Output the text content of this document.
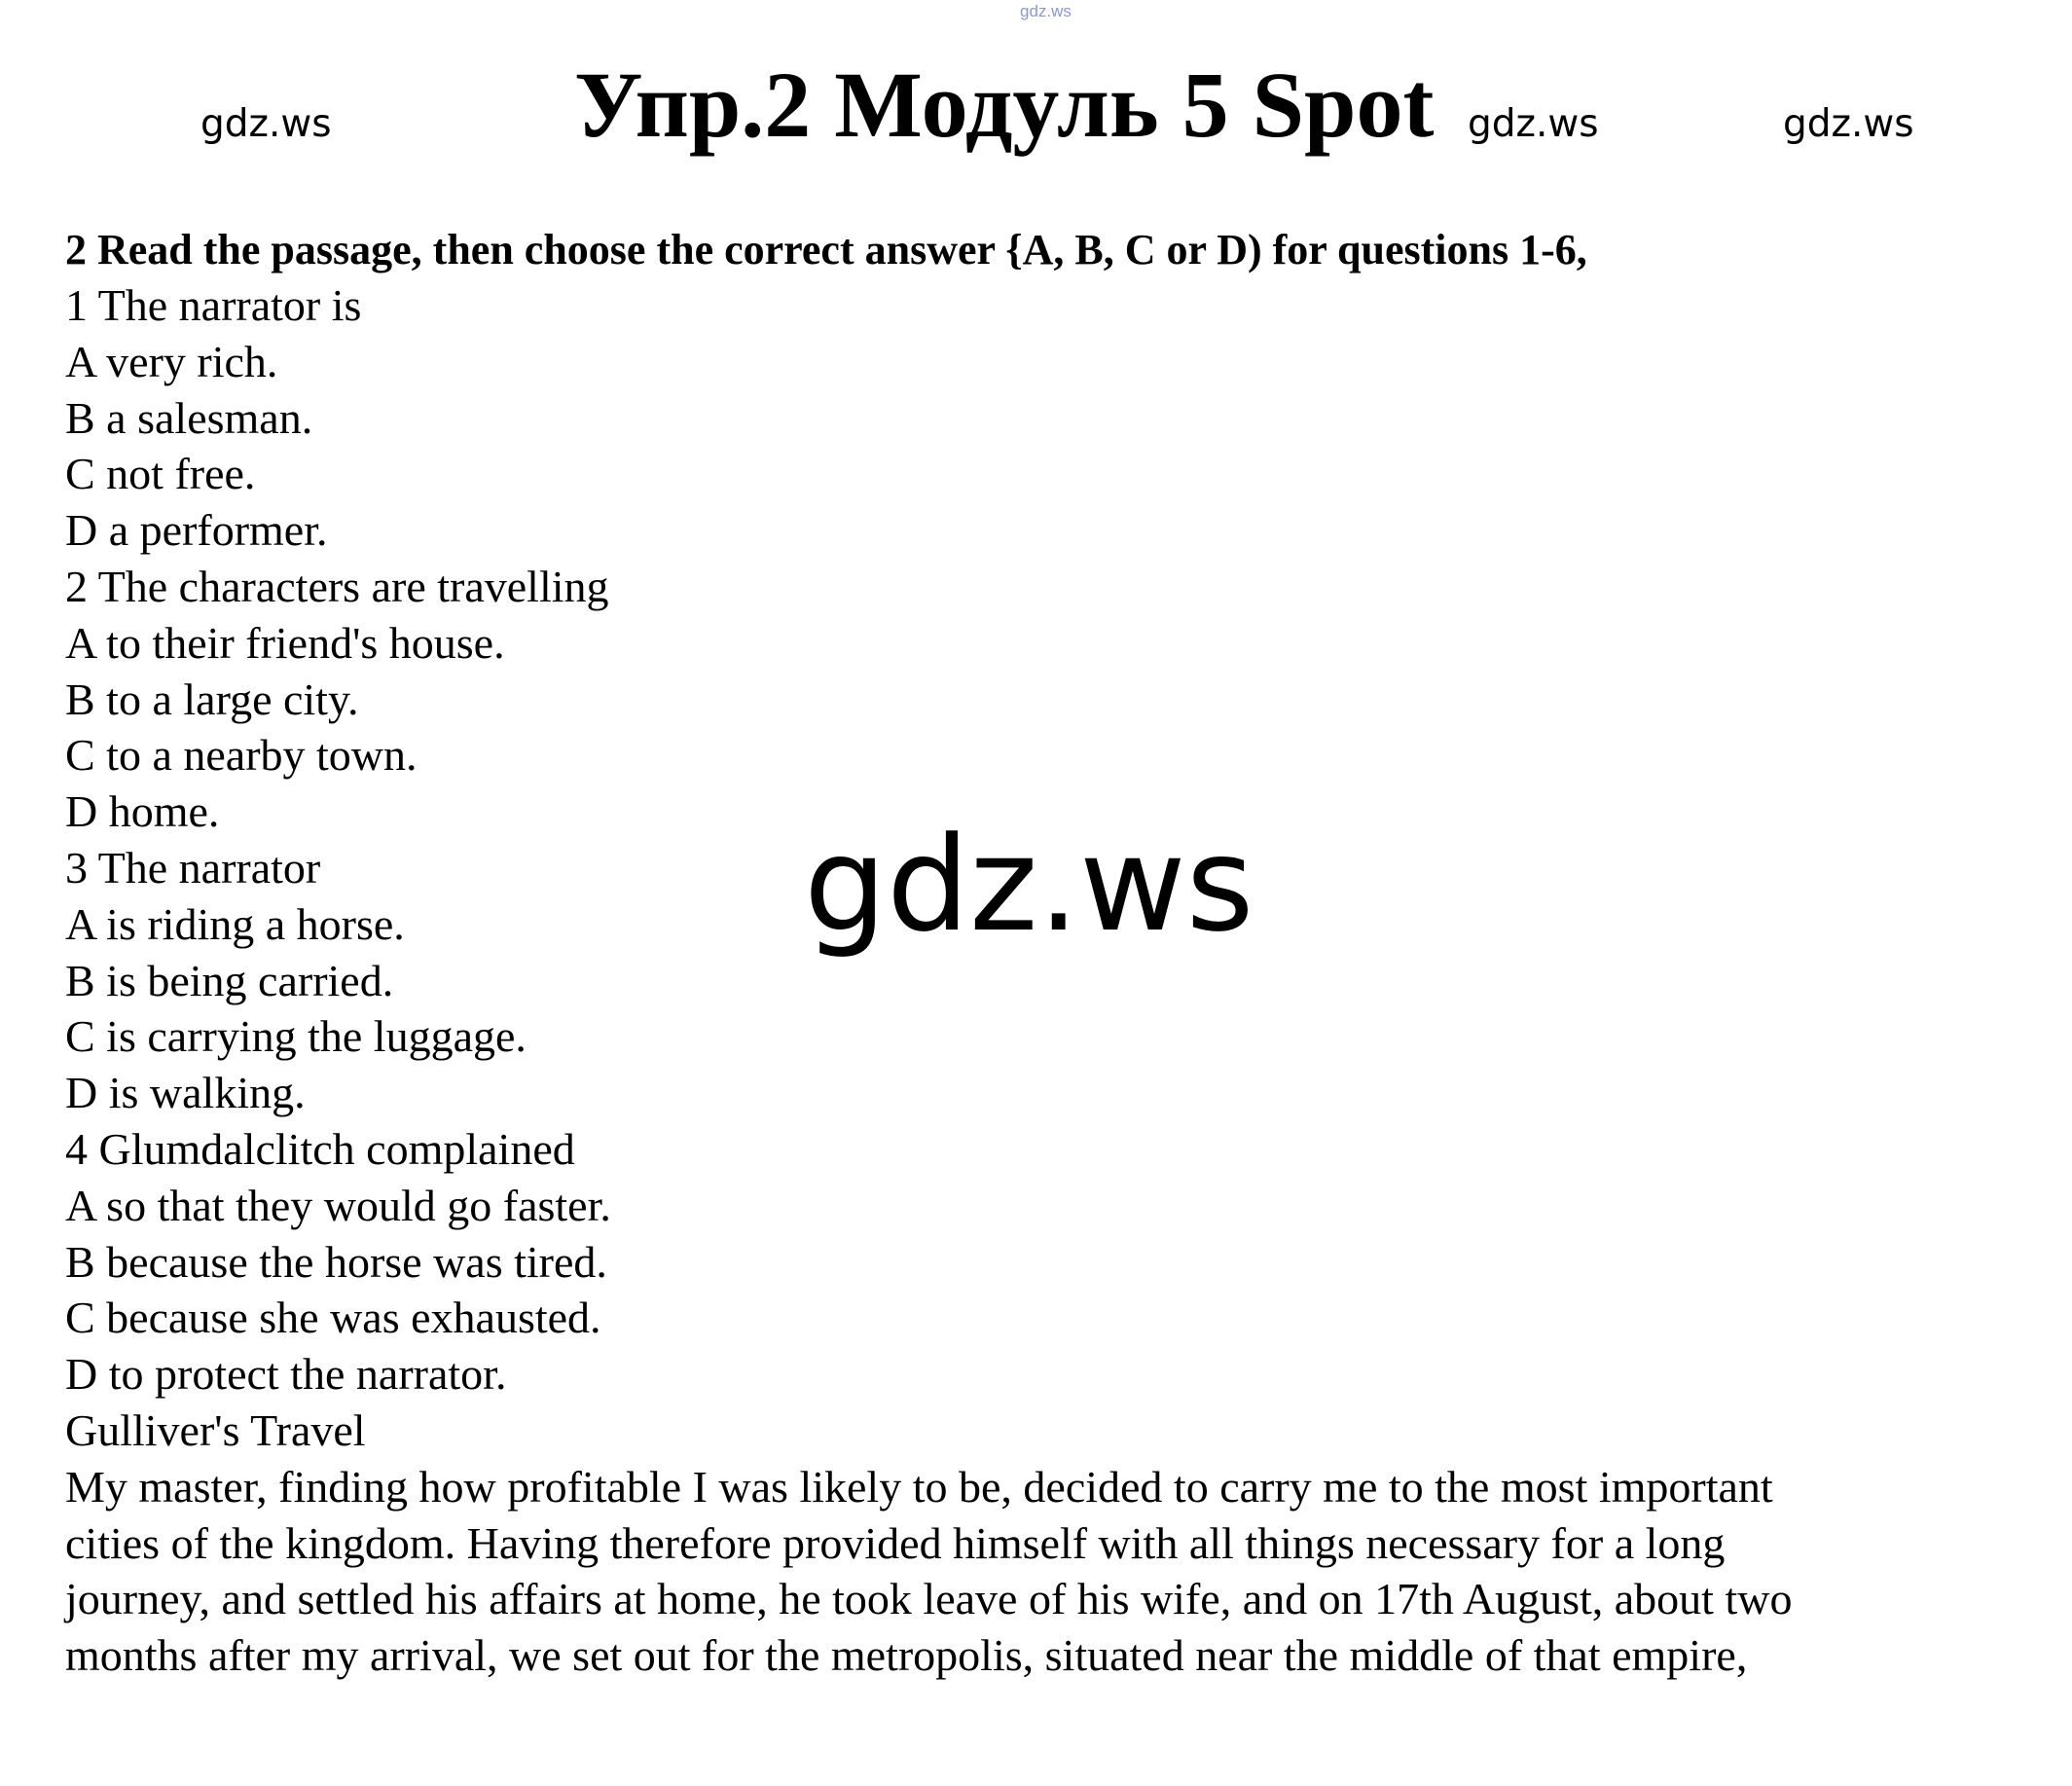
gdz.ws
gdz.ws	Упр.2 Модуль 5 Spot gdz.ws	gdz.ws
2 Read the passage, then choose the correct answer {A, B, C or D) for questions 1-6,
1 The narrator is
A very rich.
B a salesman.
C not free.
D a performer.
2 The characters are travelling
A to their friend's house.
B to a large city.
C to a nearby town.
D home.
3 The narrator
A is riding a horse.
B is being carried.
C is carrying the luggage.
D is walking.
4 Glumdalclitch complained
A so that they would go faster.
B because the horse was tired.
C because she was exhausted.
D to protect the narrator.
Gulliver's Travel
My master, finding how profitable I was likely to be, decided to carry me to the most important
cities of the kingdom. Having therefore provided himself with all things necessary for a long
journey, and settled his affairs at home, he took leave of his wife, and on 17th August, about two
months after my arrival, we set out for the metropolis, situated near the middle of that empire,
gdz.ws
